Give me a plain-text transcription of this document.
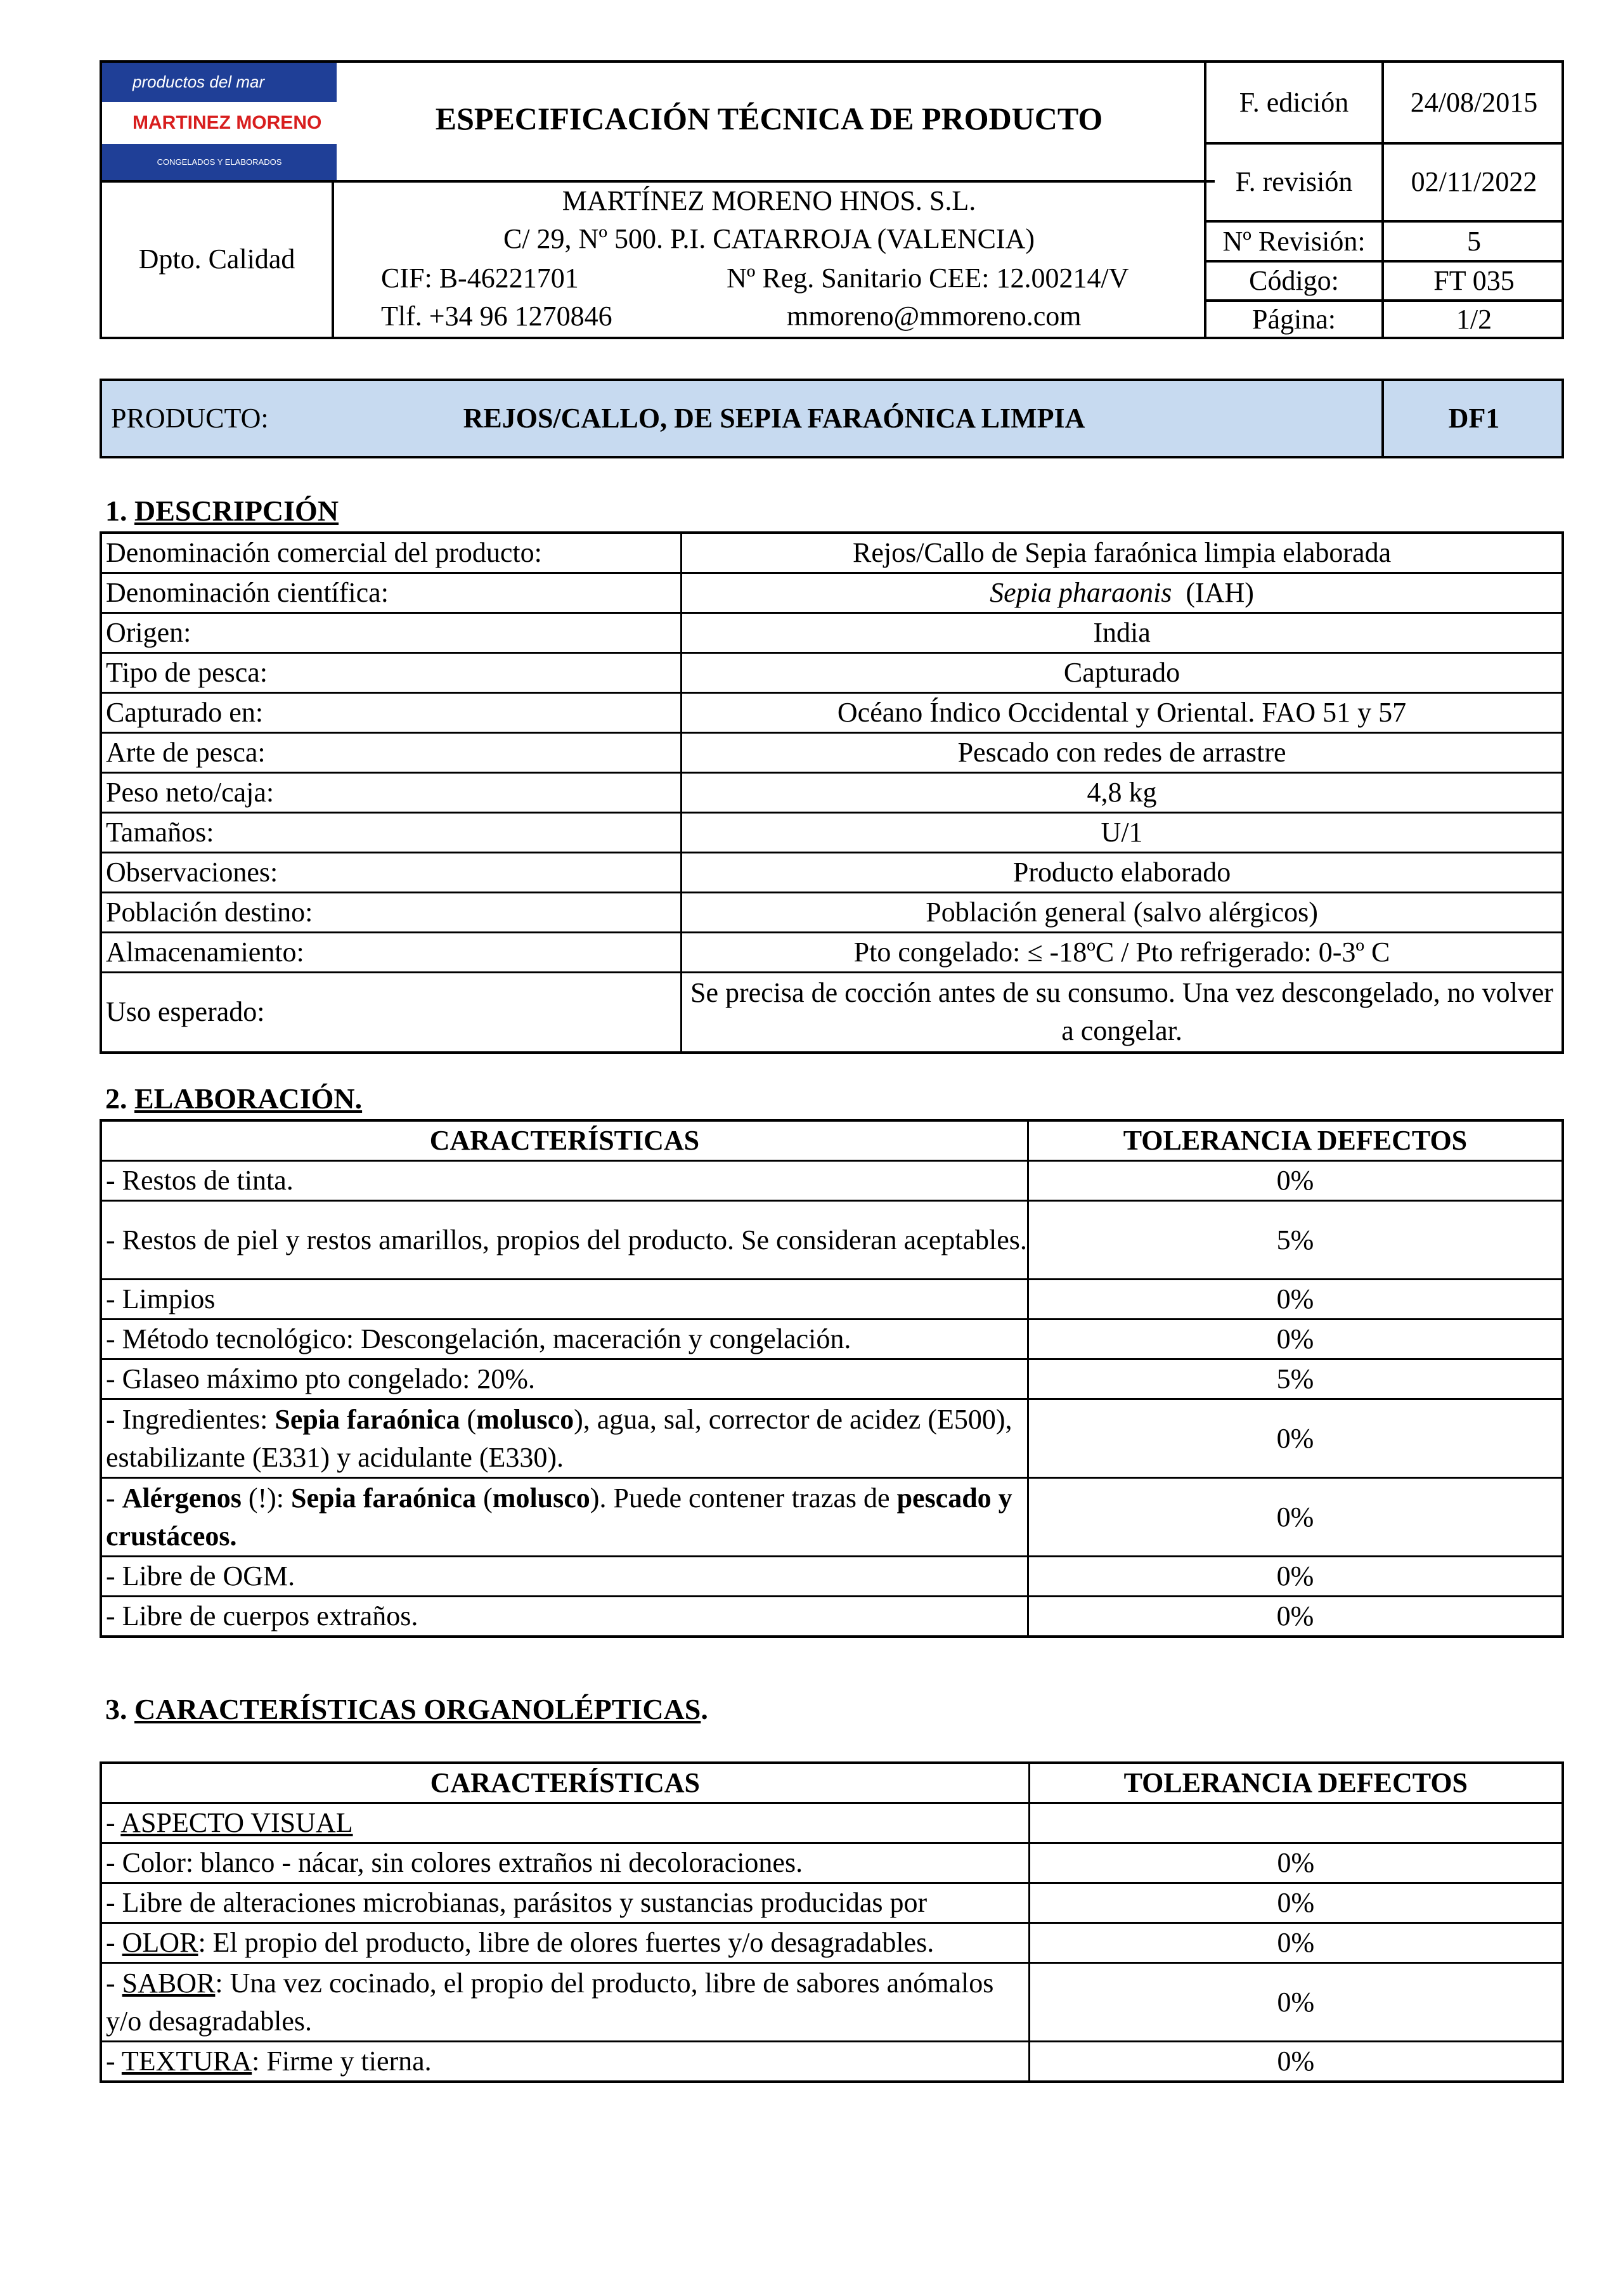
productos del mar
MARTINEZ MORENO
CONGELADOS Y ELABORADOS
ESPECIFICACIÓN TÉCNICA DE PRODUCTO
Dpto. Calidad
MARTÍNEZ MORENO HNOS. S.L.
C/ 29, Nº 500. P.I. CATARROJA (VALENCIA)
CIF: B-46221701	Nº Reg. Sanitario CEE: 12.00214/V
Tlf. +34 96 1270846	mmoreno@mmoreno.com
F. edición	24/08/2015
F. revisión	02/11/2022
Nº Revisión:	5
Código:	FT 035
Página:	1/2
PRODUCTO:	REJOS/CALLO, DE SEPIA FARAÓNICA LIMPIA	DF1
1. DESCRIPCIÓN
Denominación comercial del producto:	Rejos/Callo de Sepia faraónica limpia elaborada
Denominación científica:	Sepia pharaonis (IAH)
Origen:	India
Tipo de pesca:	Capturado
Capturado en:	Océano Índico Occidental y Oriental. FAO 51 y 57
Arte de pesca:	Pescado con redes de arrastre
Peso neto/caja:	4,8 kg
Tamaños:	U/1
Observaciones:	Producto elaborado
Población destino:	Población general (salvo alérgicos)
Almacenamiento:	Pto congelado: ≤ -18ºC / Pto refrigerado: 0-3º C
Uso esperado:	Se precisa de cocción antes de su consumo. Una vez descongelado, no volver a congelar.
2. ELABORACIÓN.
CARACTERÍSTICAS	TOLERANCIA DEFECTOS
- Restos de tinta.	0%
- Restos de piel y restos amarillos, propios del producto. Se consideran aceptables.	5%
- Limpios	0%
- Método tecnológico: Descongelación, maceración y congelación.	0%
- Glaseo máximo pto congelado: 20%.	5%
- Ingredientes: Sepia faraónica (molusco), agua, sal, corrector de acidez (E500), estabilizante (E331) y acidulante (E330).	0%
- Alérgenos (!): Sepia faraónica (molusco). Puede contener trazas de pescado y crustáceos.	0%
- Libre de OGM.	0%
- Libre de cuerpos extraños.	0%
3. CARACTERÍSTICAS ORGANOLÉPTICAS.
CARACTERÍSTICAS	TOLERANCIA DEFECTOS
- ASPECTO VISUAL	
- Color: blanco - nácar, sin colores extraños ni decoloraciones.	0%
- Libre de alteraciones microbianas, parásitos y sustancias producidas por	0%
- OLOR: El propio del producto, libre de olores fuertes y/o desagradables.	0%
- SABOR: Una vez cocinado, el propio del producto, libre de sabores anómalos y/o desagradables.	0%
- TEXTURA: Firme y tierna.	0%
